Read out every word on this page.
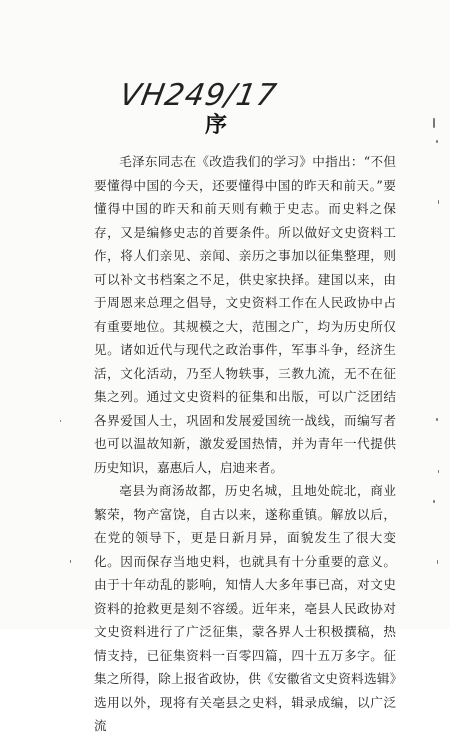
VH249/17
序

毛泽东同志在《改造我们的学习》中指出：“不但要懂得中国的今天，还要懂得中国的昨天和前天。”要懂得中国的昨天和前天则有赖于史志。而史料之保存，又是编修史志的首要条件。所以做好文史资料工作，将人们亲见、亲闻、亲历之事加以征集整理，则可以补文书档案之不足，供史家抉择。建国以来，由于周恩来总理之倡导，文史资料工作在人民政协中占有重要地位。其规模之大，范围之广，均为历史所仅见。诸如近代与现代之政治事件，军事斗争，经济生活，文化活动，乃至人物轶事，三教九流，无不在征集之列。通过文史资料的征集和出版，可以广泛团结各界爱国人士，巩固和发展爱国统一战线，而编写者也可以温故知新，激发爱国热情，并为青年一代提供历史知识，嘉惠后人，启迪来者。

亳县为商汤故都，历史名城，且地处皖北，商业繁荣，物产富饶，自古以来，遂称重镇。解放以后，在党的领导下，更是日新月异，面貌发生了很大变化。因而保存当地史料，也就具有十分重要的意义。由于十年动乱的影响，知情人大多年事已高，对文史资料的抢救更是刻不容缓。近年来，亳县人民政协对文史资料进行了广泛征集，蒙各界人士积极撰稿，热情支持，已征集资料一百零四篇，四十五万多字。征集之所得，除上报省政协，供《安徽省文史资料选辑》选用以外，现将有关亳县之史料，辑录成编，以广泛流
